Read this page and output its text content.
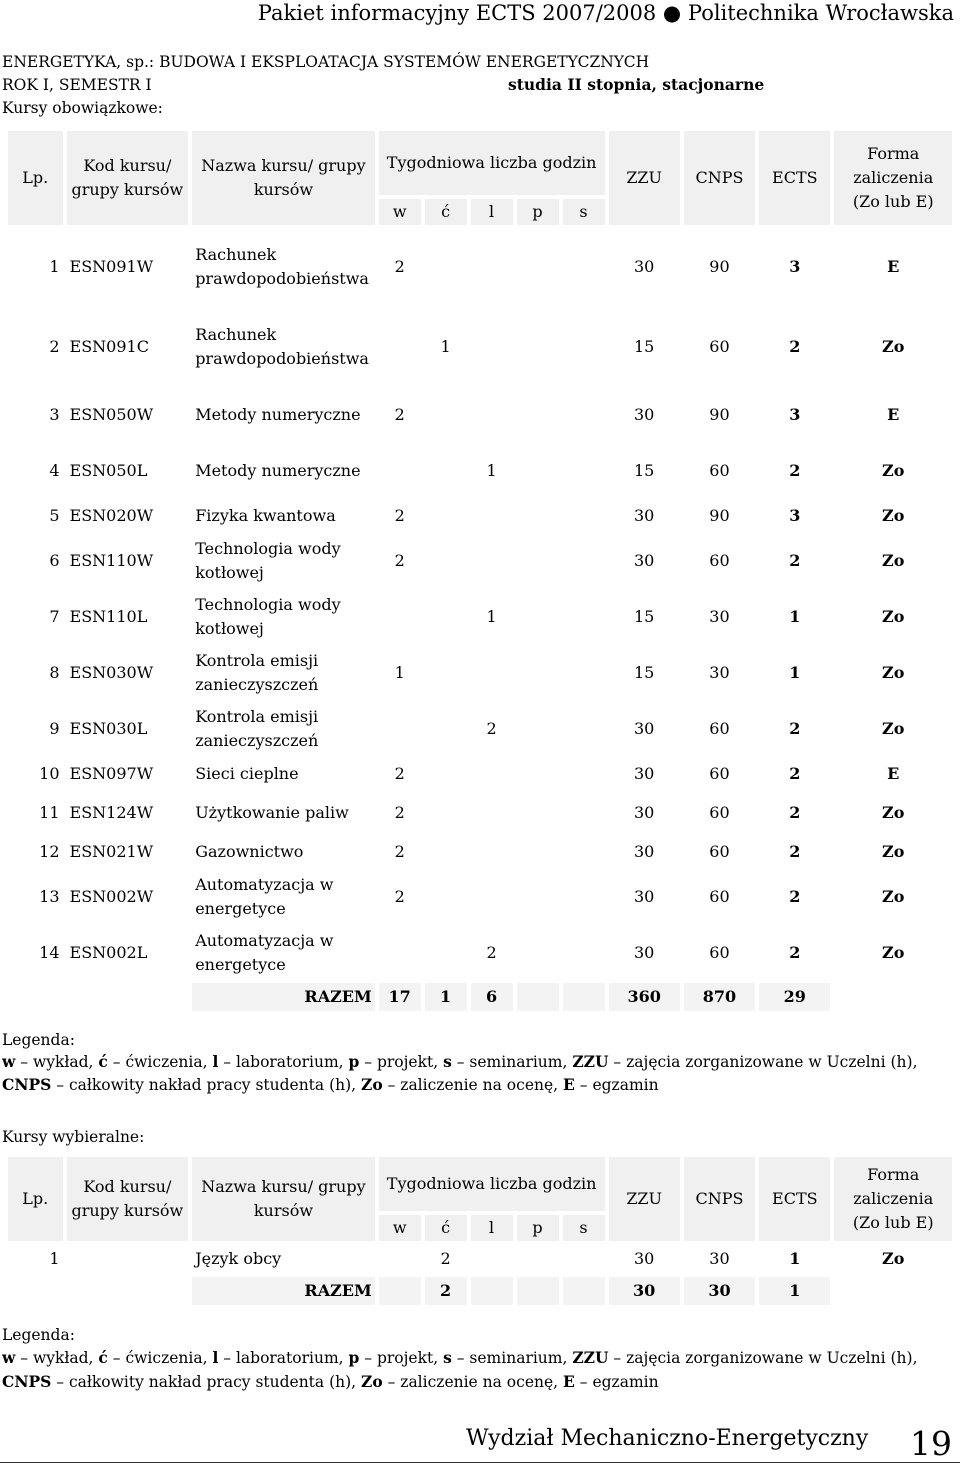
Pakiet informacyjny ECTS 2007/2008 ● Politechnika Wrocławska
ENERGETYKA, sp.: BUDOWA I EKSPLOATACJA SYSTEMÓW ENERGETYCZNYCH
ROK I, SEMESTR I	studia II stopnia, stacjonarne
Kursy obowiązkowe:
Lp.	Kod kursu/ grupy kursów	Nazwa kursu/ grupy kursów	Tygodniowa liczba godzin					ZZU	CNPS	ECTS	Forma zaliczenia (Zo lub E)
			w	ć	l	p	s				
1	ESN091W	Rachunek prawdopodobieństwa	2					30	90	3	E
2	ESN091C	Rachunek prawdopodobieństwa		1				15	60	2	Zo
3	ESN050W	Metody numeryczne	2					30	90	3	E
4	ESN050L	Metody numeryczne			1			15	60	2	Zo
5	ESN020W	Fizyka kwantowa	2					30	90	3	Zo
6	ESN110W	Technologia wody kotłowej	2					30	60	2	Zo
7	ESN110L	Technologia wody kotłowej			1			15	30	1	Zo
8	ESN030W	Kontrola emisji zanieczyszczeń	1					15	30	1	Zo
9	ESN030L	Kontrola emisji zanieczyszczeń			2			30	60	2	Zo
10	ESN097W	Sieci cieplne	2					30	60	2	E
11	ESN124W	Użytkowanie paliw	2					30	60	2	Zo
12	ESN021W	Gazownictwo	2					30	60	2	Zo
13	ESN002W	Automatyzacja w energetyce	2					30	60	2	Zo
14	ESN002L	Automatyzacja w energetyce			2			30	60	2	Zo
		RAZEM	17	1	6			360	870	29	
Legenda:
w – wykład, ć – ćwiczenia, l – laboratorium, p – projekt, s – seminarium, ZZU – zajęcia zorganizowane w Uczelni (h),
CNPS – całkowity nakład pracy studenta (h), Zo – zaliczenie na ocenę, E – egzamin
Kursy wybieralne:
Lp.	Kod kursu/ grupy kursów	Nazwa kursu/ grupy kursów	Tygodniowa liczba godzin					ZZU	CNPS	ECTS	Forma zaliczenia (Zo lub E)
			w	ć	l	p	s				
1		Język obcy		2				30	30	1	Zo
		RAZEM		2				30	30	1	
Legenda:
w – wykład, ć – ćwiczenia, l – laboratorium, p – projekt, s – seminarium, ZZU – zajęcia zorganizowane w Uczelni (h),
CNPS – całkowity nakład pracy studenta (h), Zo – zaliczenie na ocenę, E – egzamin
Wydział Mechaniczno-Energetyczny 19
